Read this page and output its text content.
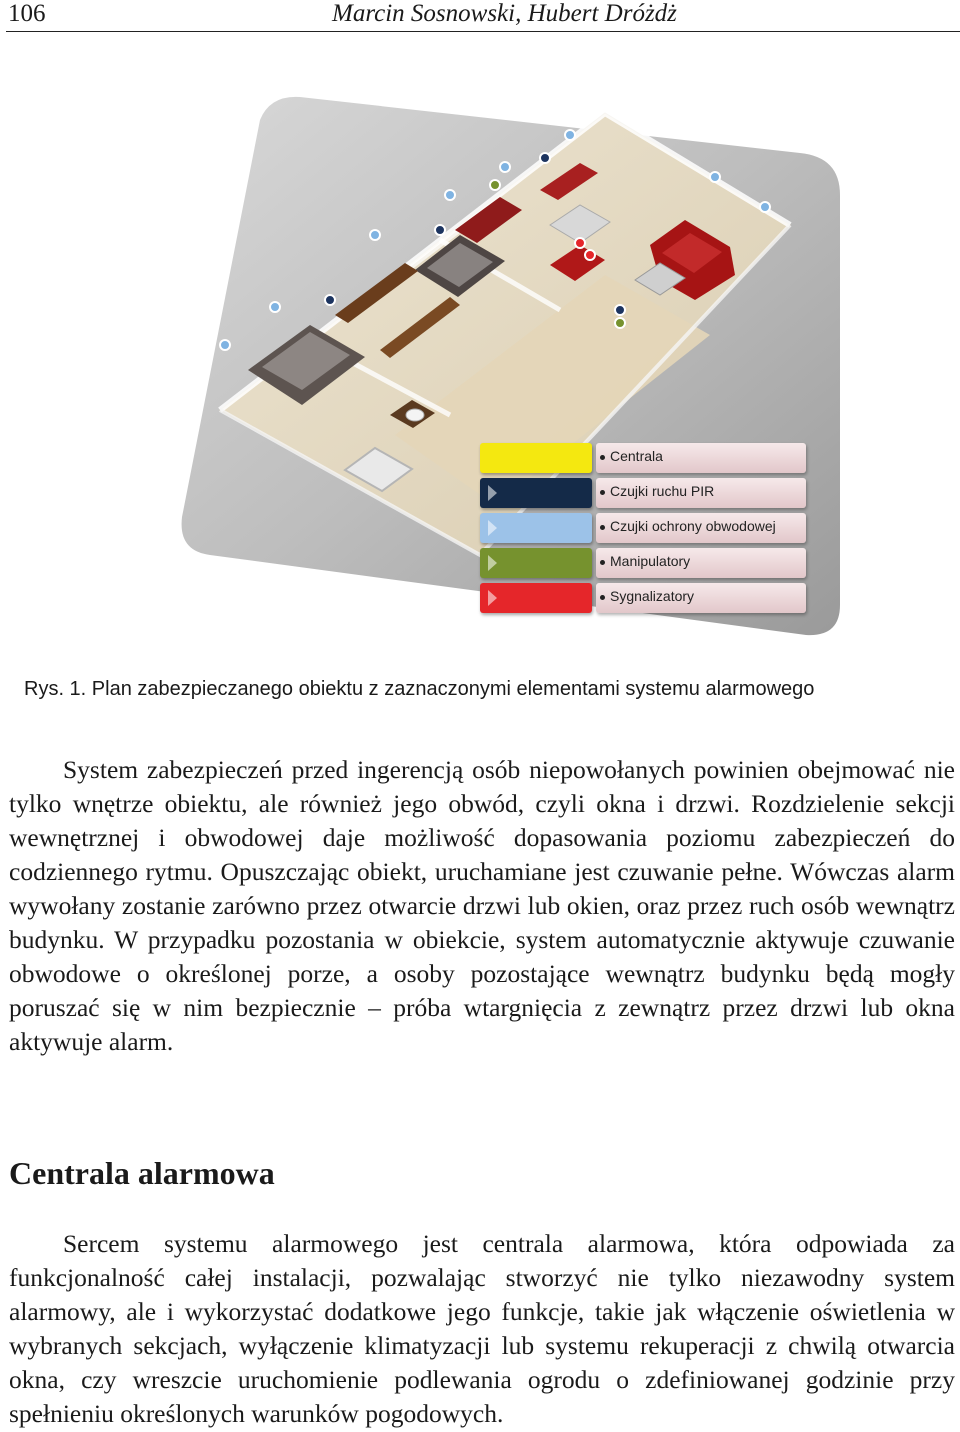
106	Marcin Sosnowski, Hubert Dróżdż
Centrala
Czujki ruchu PIR
Czujki ochrony obwodowej
Manipulatory
Sygnalizatory
Rys. 1. Plan zabezpieczanego obiektu z zaznaczonymi elementami systemu alarmowego

System zabezpieczeń przed ingerencją osób niepowołanych powinien obejmować nie tylko wnętrze obiektu, ale również jego obwód, czyli okna i drzwi. Rozdzielenie sekcji wewnętrznej i obwodowej daje możliwość dopasowania poziomu zabezpieczeń do codziennego rytmu. Opuszczając obiekt, uruchamiane jest czuwanie pełne. Wówczas alarm wywołany zostanie zarówno przez otwarcie drzwi lub okien, oraz przez ruch osób wewnątrz budynku. W przypadku pozostania w obiekcie, system automatycznie aktywuje czuwanie obwodowe o określonej porze, a osoby pozostające wewnątrz budynku będą mogły poruszać się w nim bezpiecznie – próba wtargnięcia z zewnątrz przez drzwi lub okna aktywuje alarm.

Centrala alarmowa

Sercem systemu alarmowego jest centrala alarmowa, która odpowiada za funkcjonalność całej instalacji, pozwalając stworzyć nie tylko niezawodny system alarmowy, ale i wykorzystać dodatkowe jego funkcje, takie jak włączenie oświetlenia w wybranych sekcjach, wyłączenie klimatyzacji lub systemu rekuperacji z chwilą otwarcia okna, czy wreszcie uruchomienie podlewania ogrodu o zdefiniowanej godzinie przy spełnieniu określonych warunków pogodowych.
